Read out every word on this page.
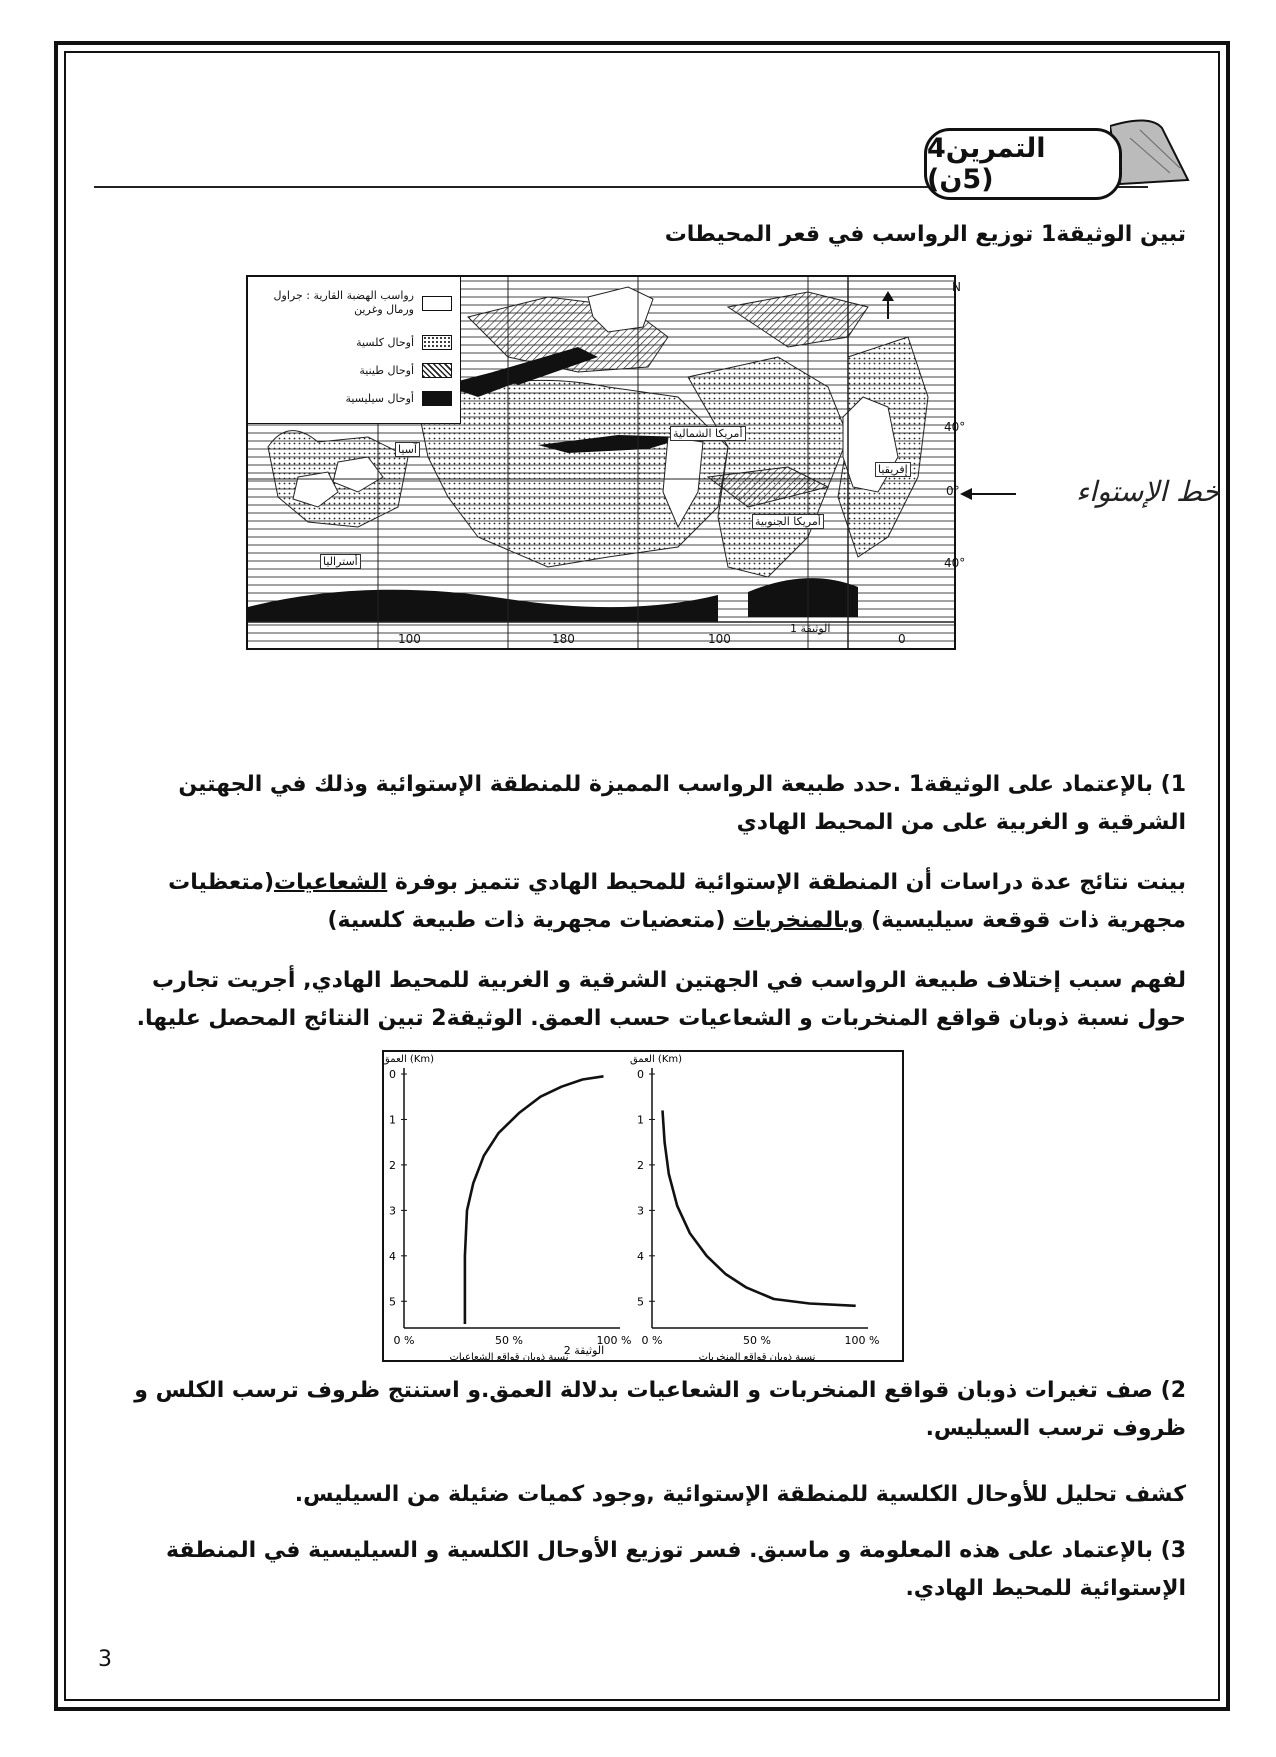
التمرين4 (5ن)
تبين الوثيقة1 توزيع الرواسب في قعر المحيطات
رواسب الهضبة القارية : جراول ورمال وغرين
أوحال كلسية
أوحال طينية
أوحال سيليسية
N
آسيا
أمريكا الشمالية
إفريقيا
أمريكا الجنوبية
أستراليا
الوثيقة 1
40°
0°
40°
100	180	100	0
خط الإستواء
1) بالإعتماد على الوثيقة1 .حدد طبيعة الرواسب المميزة للمنطقة الإستوائية وذلك في الجهتين الشرقية و الغربية على من المحيط الهادي
بينت نتائج عدة دراسات أن المنطقة الإستوائية للمحيط الهادي تتميز بوفرة الشعاعيات(متعظيات مجهرية ذات قوقعة سيليسية) وبالمنخربات (متعضيات مجهرية ذات طبيعة كلسية)
لفهم سبب إختلاف طبيعة الرواسب في الجهتين الشرقية و الغربية للمحيط الهادي, أجريت تجارب حول نسبة ذوبان قواقع المنخربات و الشعاعيات حسب العمق. الوثيقة2 تبين النتائج المحصل عليها.
العمق (Km)
0
1
2
3
4
5
0 %	50 %	100 %
نسبة ذوبان قواقع الشعاعيات
العمق (Km)
0
1
2
3
4
5
0 %	50 %	100 %
نسبة ذوبان قواقع المنخربات
الوثيقة 2
2) صف تغيرات ذوبان قواقع المنخربات و الشعاعيات بدلالة العمق.و استنتج ظروف ترسب الكلس و ظروف ترسب السيليس.
كشف تحليل للأوحال الكلسية للمنطقة الإستوائية ,وجود كميات ضئيلة من السيليس.
3) بالإعتماد على هذه المعلومة و ماسبق. فسر توزيع الأوحال الكلسية و السيليسية في المنطقة الإستوائية للمحيط الهادي.
3
